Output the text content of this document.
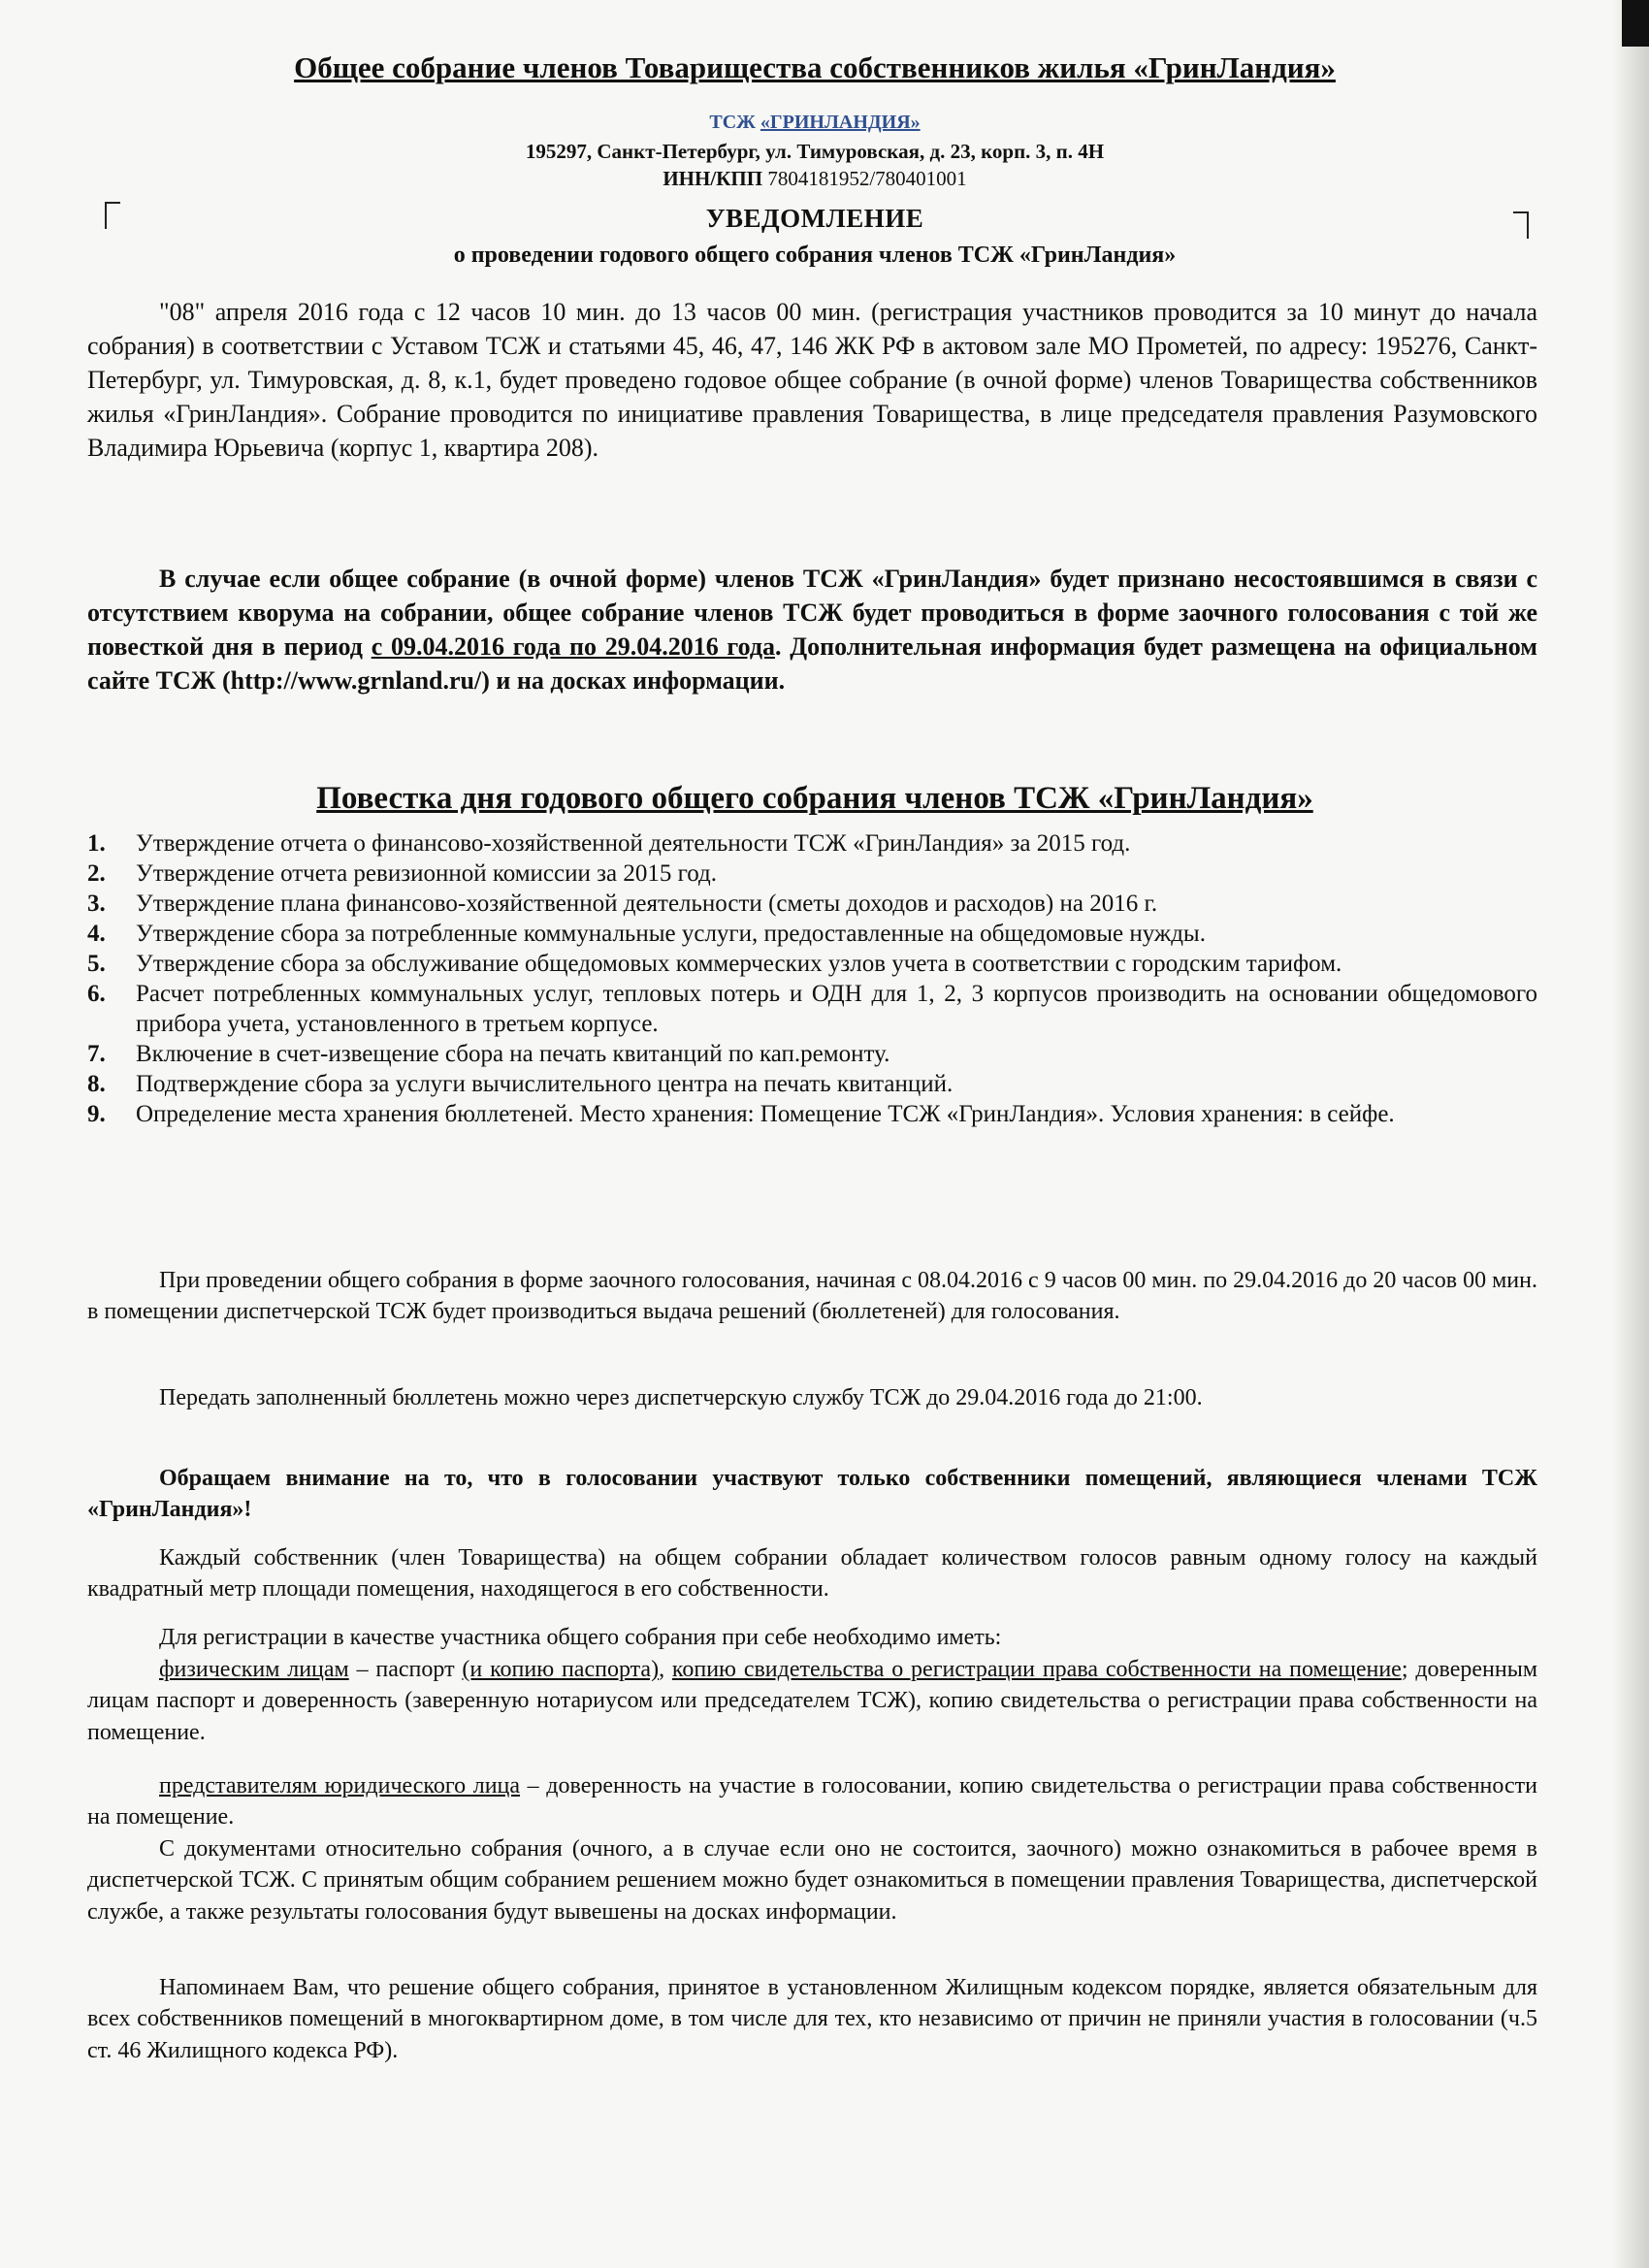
Общее собрание членов Товарищества собственников жилья «ГринЛандия»
ТСЖ «ГРИНЛАНДИЯ»
195297, Санкт-Петербург, ул. Тимуровская, д. 23, корп. 3, п. 4Н
ИНН/КПП 7804181952/780401001
УВЕДОМЛЕНИЕ
о проведении годового общего собрания членов ТСЖ «ГринЛандия»

"08" апреля 2016 года с 12 часов 10 мин. до 13 часов 00 мин. (регистрация участников проводится за 10 минут до начала собрания) в соответствии с Уставом ТСЖ и статьями 45, 46, 47, 146 ЖК РФ в актовом зале МО Прометей, по адресу: 195276, Санкт-Петербург, ул. Тимуровская, д. 8, к.1, будет проведено годовое общее собрание (в очной форме) членов Товарищества собственников жилья «ГринЛандия». Собрание проводится по инициативе правления Товарищества, в лице председателя правления Разумовского Владимира Юрьевича (корпус 1, квартира 208).

В случае если общее собрание (в очной форме) членов ТСЖ «ГринЛандия» будет признано несостоявшимся в связи с отсутствием кворума на собрании, общее собрание членов ТСЖ будет проводиться в форме заочного голосования с той же повесткой дня в период с 09.04.2016 года по 29.04.2016 года. Дополнительная информация будет размещена на официальном сайте ТСЖ (http://www.grnland.ru/) и на досках информации.

Повестка дня годового общего собрания членов ТСЖ «ГринЛандия»
1. Утверждение отчета о финансово-хозяйственной деятельности ТСЖ «ГринЛандия» за 2015 год.
2. Утверждение отчета ревизионной комиссии за 2015 год.
3. Утверждение плана финансово-хозяйственной деятельности (сметы доходов и расходов) на 2016 г.
4. Утверждение сбора за потребленные коммунальные услуги, предоставленные на общедомовые нужды.
5. Утверждение сбора за обслуживание общедомовых коммерческих узлов учета в соответствии с городским тарифом.
6. Расчет потребленных коммунальных услуг, тепловых потерь и ОДН для 1, 2, 3 корпусов производить на основании общедомового прибора учета, установленного в третьем корпусе.
7. Включение в счет-извещение сбора на печать квитанций по кап.ремонту.
8. Подтверждение сбора за услуги вычислительного центра на печать квитанций.
9. Определение места хранения бюллетеней. Место хранения: Помещение ТСЖ «ГринЛандия». Условия хранения: в сейфе.

При проведении общего собрания в форме заочного голосования, начиная с 08.04.2016 с 9 часов 00 мин. по 29.04.2016 до 20 часов 00 мин. в помещении диспетчерской ТСЖ будет производиться выдача решений (бюллетеней) для голосования.

Передать заполненный бюллетень можно через диспетчерскую службу ТСЖ до 29.04.2016 года до 21:00.

Обращаем внимание на то, что в голосовании участвуют только собственники помещений, являющиеся членами ТСЖ «ГринЛандия»!

Каждый собственник (член Товарищества) на общем собрании обладает количеством голосов равным одному голосу на каждый квадратный метр площади помещения, находящегося в его собственности.

Для регистрации в качестве участника общего собрания при себе необходимо иметь:

физическим лицам – паспорт (и копию паспорта), копию свидетельства о регистрации права собственности на помещение; доверенным лицам паспорт и доверенность (заверенную нотариусом или председателем ТСЖ), копию свидетельства о регистрации права собственности на помещение.

представителям юридического лица – доверенность на участие в голосовании, копию свидетельства о регистрации права собственности на помещение.

С документами относительно собрания (очного, а в случае если оно не состоится, заочного) можно ознакомиться в рабочее время в диспетчерской ТСЖ. С принятым общим собранием решением можно будет ознакомиться в помещении правления Товарищества, диспетчерской службе, а также результаты голосования будут вывешены на досках информации.

Напоминаем Вам, что решение общего собрания, принятое в установленном Жилищным кодексом порядке, является обязательным для всех собственников помещений в многоквартирном доме, в том числе для тех, кто независимо от причин не приняли участия в голосовании (ч.5 ст. 46 Жилищного кодекса РФ).
